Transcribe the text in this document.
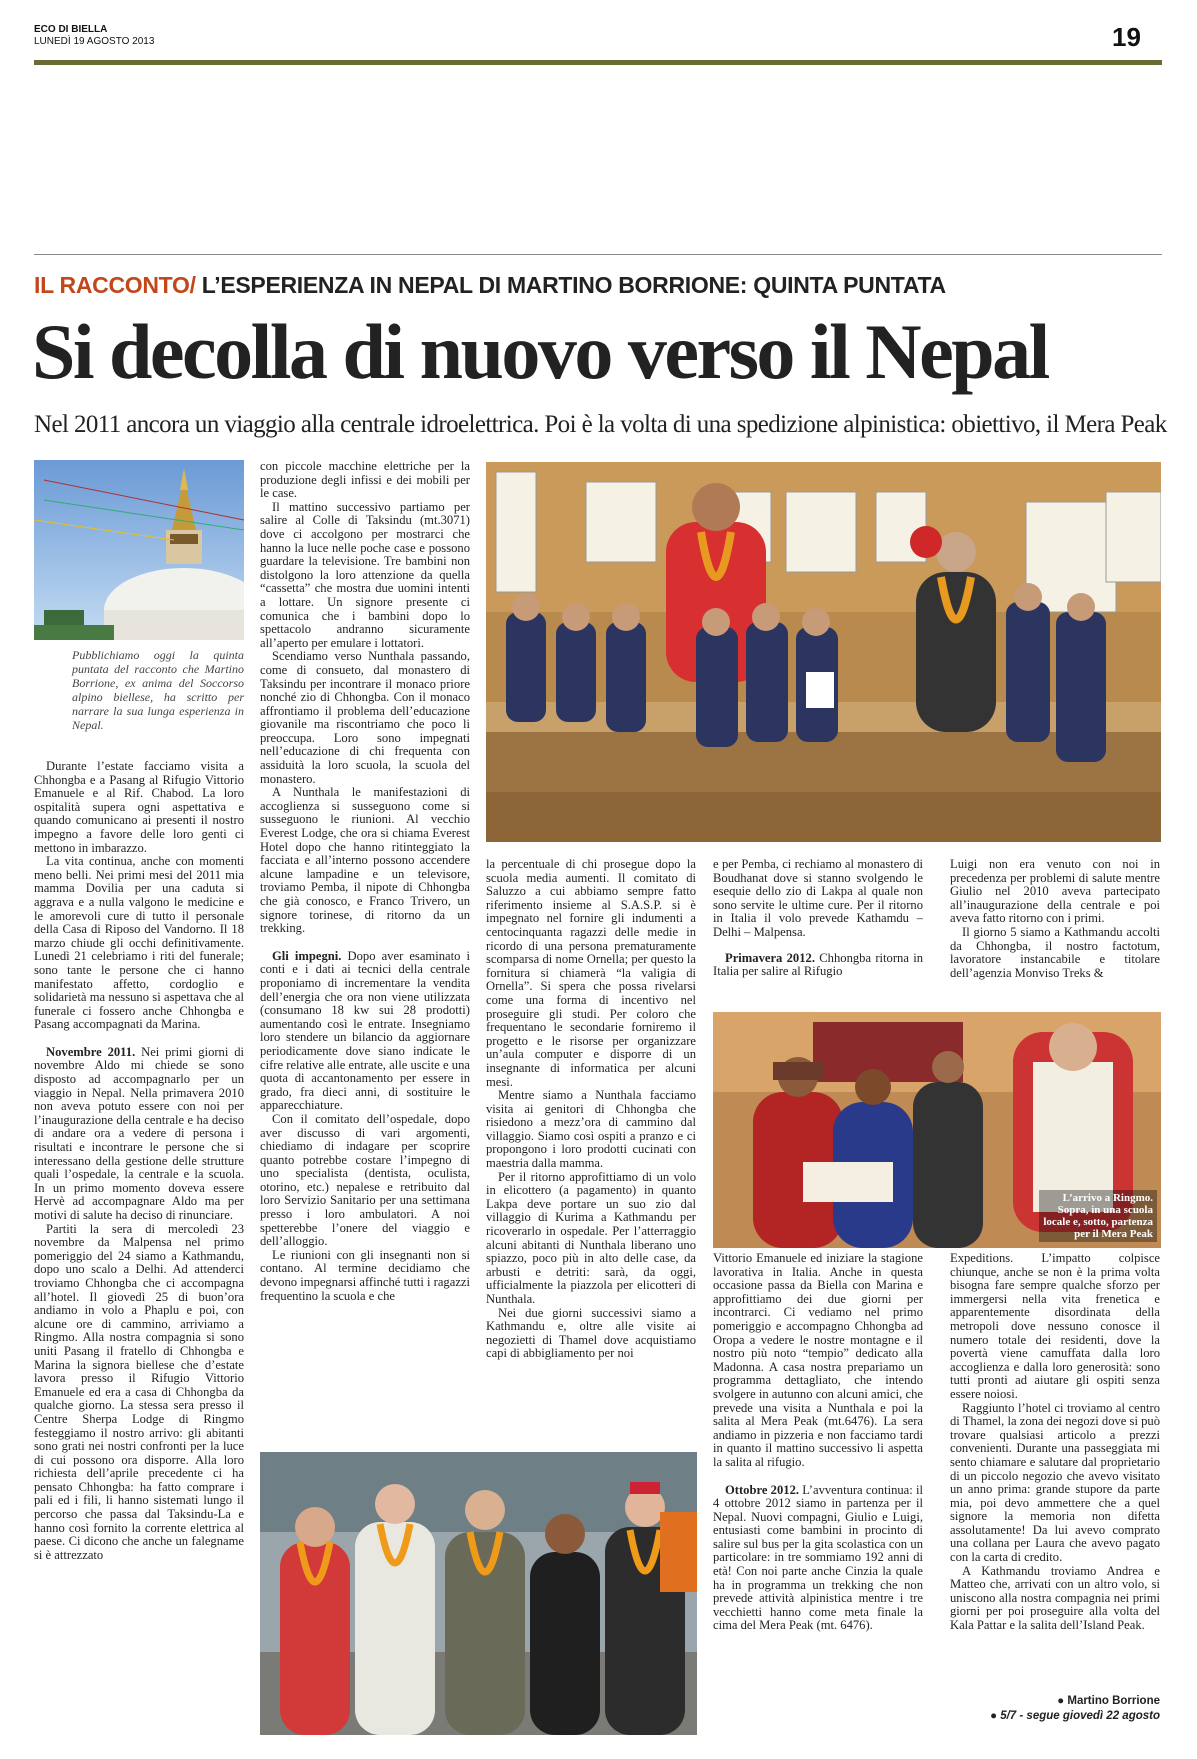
ECO DI BIELLA
LUNEDÌ 19 AGOSTO 2013	19
IL RACCONTO/ L’ESPERIENZA IN NEPAL DI MARTINO BORRIONE: QUINTA PUNTATA
Si decolla di nuovo verso il Nepal
Nel 2011 ancora un viaggio alla centrale idroelettrica. Poi è la volta di una spedizione alpinistica: obiettivo, il Mera Peak
Pubblichiamo oggi la quinta puntata del racconto che Martino Borrione, ex anima del Soccorso alpino biellese, ha scritto per narrare la sua lunga esperienza in Nepal.

Durante l’estate facciamo visita a Chhongba e a Pasang al Rifugio Vittorio Emanuele e al Rif. Chabod. La loro ospitalità supera ogni aspettativa e quando comunicano ai presenti il nostro impegno a favore delle loro genti ci mettono in imbarazzo.

La vita continua, anche con momenti meno belli. Nei primi mesi del 2011 mia mamma Dovilia per una caduta si aggrava e a nulla valgono le medicine e le amorevoli cure di tutto il personale della Casa di Riposo del Vandorno. Il 18 marzo chiude gli occhi definitivamente. Lunedì 21 celebriamo i riti del funerale; sono tante le persone che ci hanno manifestato affetto, cordoglio e solidarietà ma nessuno si aspettava che al funerale ci fossero anche Chhongba e Pasang accompagnati da Marina.

Novembre 2011. Nei primi giorni di novembre Aldo mi chiede se sono disposto ad accompagnarlo per un viaggio in Nepal. Nella primavera 2010 non aveva potuto essere con noi per l’inaugurazione della centrale e ha deciso di andare ora a vedere di persona i risultati e incontrare le persone che si interessano della gestione delle strutture quali l’ospedale, la centrale e la scuola. In un primo momento doveva essere Hervè ad accompagnare Aldo ma per motivi di salute ha deciso di rinunciare.

Partiti la sera di mercoledì 23 novembre da Malpensa nel primo pomeriggio del 24 siamo a Kathmandu, dopo uno scalo a Delhi. Ad attenderci troviamo Chhongba che ci accompagna all’hotel. Il giovedì 25 di buon’ora andiamo in volo a Phaplu e poi, con alcune ore di cammino, arriviamo a Ringmo. Alla nostra compagnia si sono uniti Pasang il fratello di Chhongba e Marina la signora biellese che d’estate lavora presso il Rifugio Vittorio Emanuele ed era a casa di Chhongba da qualche giorno. La stessa sera presso il Centre Sherpa Lodge di Ringmo festeggiamo il nostro arrivo: gli abitanti sono grati nei nostri confronti per la luce di cui possono ora disporre. Alla loro richiesta dell’aprile precedente ci ha pensato Chhongba: ha fatto comprare i pali ed i fili, li hanno sistemati lungo il percorso che passa dal Taksindu-La e hanno così fornito la corrente elettrica al paese. Ci dicono che anche un falegname si è attrezzato

con piccole macchine elettriche per la produzione degli infissi e dei mobili per le case.

Il mattino successivo partiamo per salire al Colle di Taksindu (mt.3071) dove ci accolgono per mostrarci che hanno la luce nelle poche case e possono guardare la televisione. Tre bambini non distolgono la loro attenzione da quella “cassetta” che mostra due uomini intenti a lottare. Un signore presente ci comunica che i bambini dopo lo spettacolo andranno sicuramente all’aperto per emulare i lottatori.

Scendiamo verso Nunthala passando, come di consueto, dal monastero di Taksindu per incontrare il monaco priore nonché zio di Chhongba. Con il monaco affrontiamo il problema dell’educazione giovanile ma riscontriamo che poco li preoccupa. Loro sono impegnati nell’educazione di chi frequenta con assiduità la loro scuola, la scuola del monastero.

A Nunthala le manifestazioni di accoglienza si susseguono come si susseguono le riunioni. Al vecchio Everest Lodge, che ora si chiama Everest Hotel dopo che hanno ritinteggiato la facciata e all’interno possono accendere alcune lampadine e un televisore, troviamo Pemba, il nipote di Chhongba che già conosco, e Franco Trivero, un signore torinese, di ritorno da un trekking.

Gli impegni. Dopo aver esaminato i conti e i dati ai tecnici della centrale proponiamo di incrementare la vendita dell’energia che ora non viene utilizzata (consumano 18 kw sui 28 prodotti) aumentando così le entrate. Insegniamo loro stendere un bilancio da aggiornare periodicamente dove siano indicate le cifre relative alle entrate, alle uscite e una quota di accantonamento per essere in grado, fra dieci anni, di sostituire le apparecchiature.

Con il comitato dell’ospedale, dopo aver discusso di vari argomenti, chiediamo di indagare per scoprire quanto potrebbe costare l’impegno di uno specialista (dentista, oculista, otorino, etc.) nepalese e retribuito dal loro Servizio Sanitario per una settimana presso i loro ambulatori. A noi spetterebbe l’onere del viaggio e dell’alloggio.

Le riunioni con gli insegnanti non si contano. Al termine decidiamo che devono impegnarsi affinché tutti i ragazzi frequentino la scuola e che

la percentuale di chi prosegue dopo la scuola media aumenti. Il comitato di Saluzzo a cui abbiamo sempre fatto riferimento insieme al S.A.S.P. si è impegnato nel fornire gli indumenti a centocinquanta ragazzi delle medie in ricordo di una persona prematuramente scomparsa di nome Ornella; per questo la fornitura si chiamerà “la valigia di Ornella”. Si spera che possa rivelarsi come una forma di incentivo nel proseguire gli studi. Per coloro che frequentano le secondarie forniremo il progetto e le risorse per organizzare un’aula computer e disporre di un insegnante di informatica per alcuni mesi.

Mentre siamo a Nunthala facciamo visita ai genitori di Chhongba che risiedono a mezz’ora di cammino dal villaggio. Siamo così ospiti a pranzo e ci propongono i loro prodotti cucinati con maestria dalla mamma.

Per il ritorno approfittiamo di un volo in elicottero (a pagamento) in quanto Lakpa deve portare un suo zio dal villaggio di Kurima a Kathmandu per ricoverarlo in ospedale. Per l’atterraggio alcuni abitanti di Nunthala liberano uno spiazzo, poco più in alto delle case, da arbusti e detriti: sarà, da oggi, ufficialmente la piazzola per elicotteri di Nunthala.

Nei due giorni successivi siamo a Kathmandu e, oltre alle visite ai negozietti di Thamel dove acquistiamo capi di abbigliamento per noi

e per Pemba, ci rechiamo al monastero di Boudhanat dove si stanno svolgendo le esequie dello zio di Lakpa al quale non sono servite le ultime cure. Per il ritorno in Italia il volo prevede Kathamdu – Delhi – Malpensa.

Primavera 2012. Chhongba ritorna in Italia per salire al Rifugio

Luigi non era venuto con noi in precedenza per problemi di salute mentre Giulio nel 2010 aveva partecipato all’inaugurazione della centrale e poi aveva fatto ritorno con i primi.

Il giorno 5 siamo a Kathmandu accolti da Chhongba, il nostro factotum, lavoratore instancabile e titolare dell’agenzia Monviso Treks &

L’arrivo a Ringmo.
Sopra, in una scuola
locale e, sotto, partenza
per il Mera Peak

Vittorio Emanuele ed iniziare la stagione lavorativa in Italia. Anche in questa occasione passa da Biella con Marina e approfittiamo dei due giorni per incontrarci. Ci vediamo nel primo pomeriggio e accompagno Chhongba ad Oropa a vedere le nostre montagne e il nostro più noto “tempio” dedicato alla Madonna. A casa nostra prepariamo un programma dettagliato, che intendo svolgere in autunno con alcuni amici, che prevede una visita a Nunthala e poi la salita al Mera Peak (mt.6476). La sera andiamo in pizzeria e non facciamo tardi in quanto il mattino successivo li aspetta la salita al rifugio.

Ottobre 2012. L’avventura continua: il 4 ottobre 2012 siamo in partenza per il Nepal. Nuovi compagni, Giulio e Luigi, entusiasti come bambini in procinto di salire sul bus per la gita scolastica con un particolare: in tre sommiamo 192 anni di età! Con noi parte anche Cinzia la quale ha in programma un trekking che non prevede attività alpinistica mentre i tre vecchietti hanno come meta finale la cima del Mera Peak (mt. 6476).

Expeditions. L’impatto colpisce chiunque, anche se non è la prima volta bisogna fare sempre qualche sforzo per immergersi nella vita frenetica e apparentemente disordinata della metropoli dove nessuno conosce il numero totale dei residenti, dove la povertà viene camuffata dalla loro accoglienza e dalla loro generosità: sono tutti pronti ad aiutare gli ospiti senza essere noiosi.

Raggiunto l’hotel ci troviamo al centro di Thamel, la zona dei negozi dove si può trovare qualsiasi articolo a prezzi convenienti. Durante una passeggiata mi sento chiamare e salutare dal proprietario di un piccolo negozio che avevo visitato un anno prima: grande stupore da parte mia, poi devo ammettere che a quel signore la memoria non difetta assolutamente! Da lui avevo comprato una collana per Laura che avevo pagato con la carta di credito.

A Kathmandu troviamo Andrea e Matteo che, arrivati con un altro volo, si uniscono alla nostra compagnia nei primi giorni per poi proseguire alla volta del Kala Pattar e la salita dell’Island Peak.

● Martino Borrione
● 5/7 - segue giovedì 22 agosto
